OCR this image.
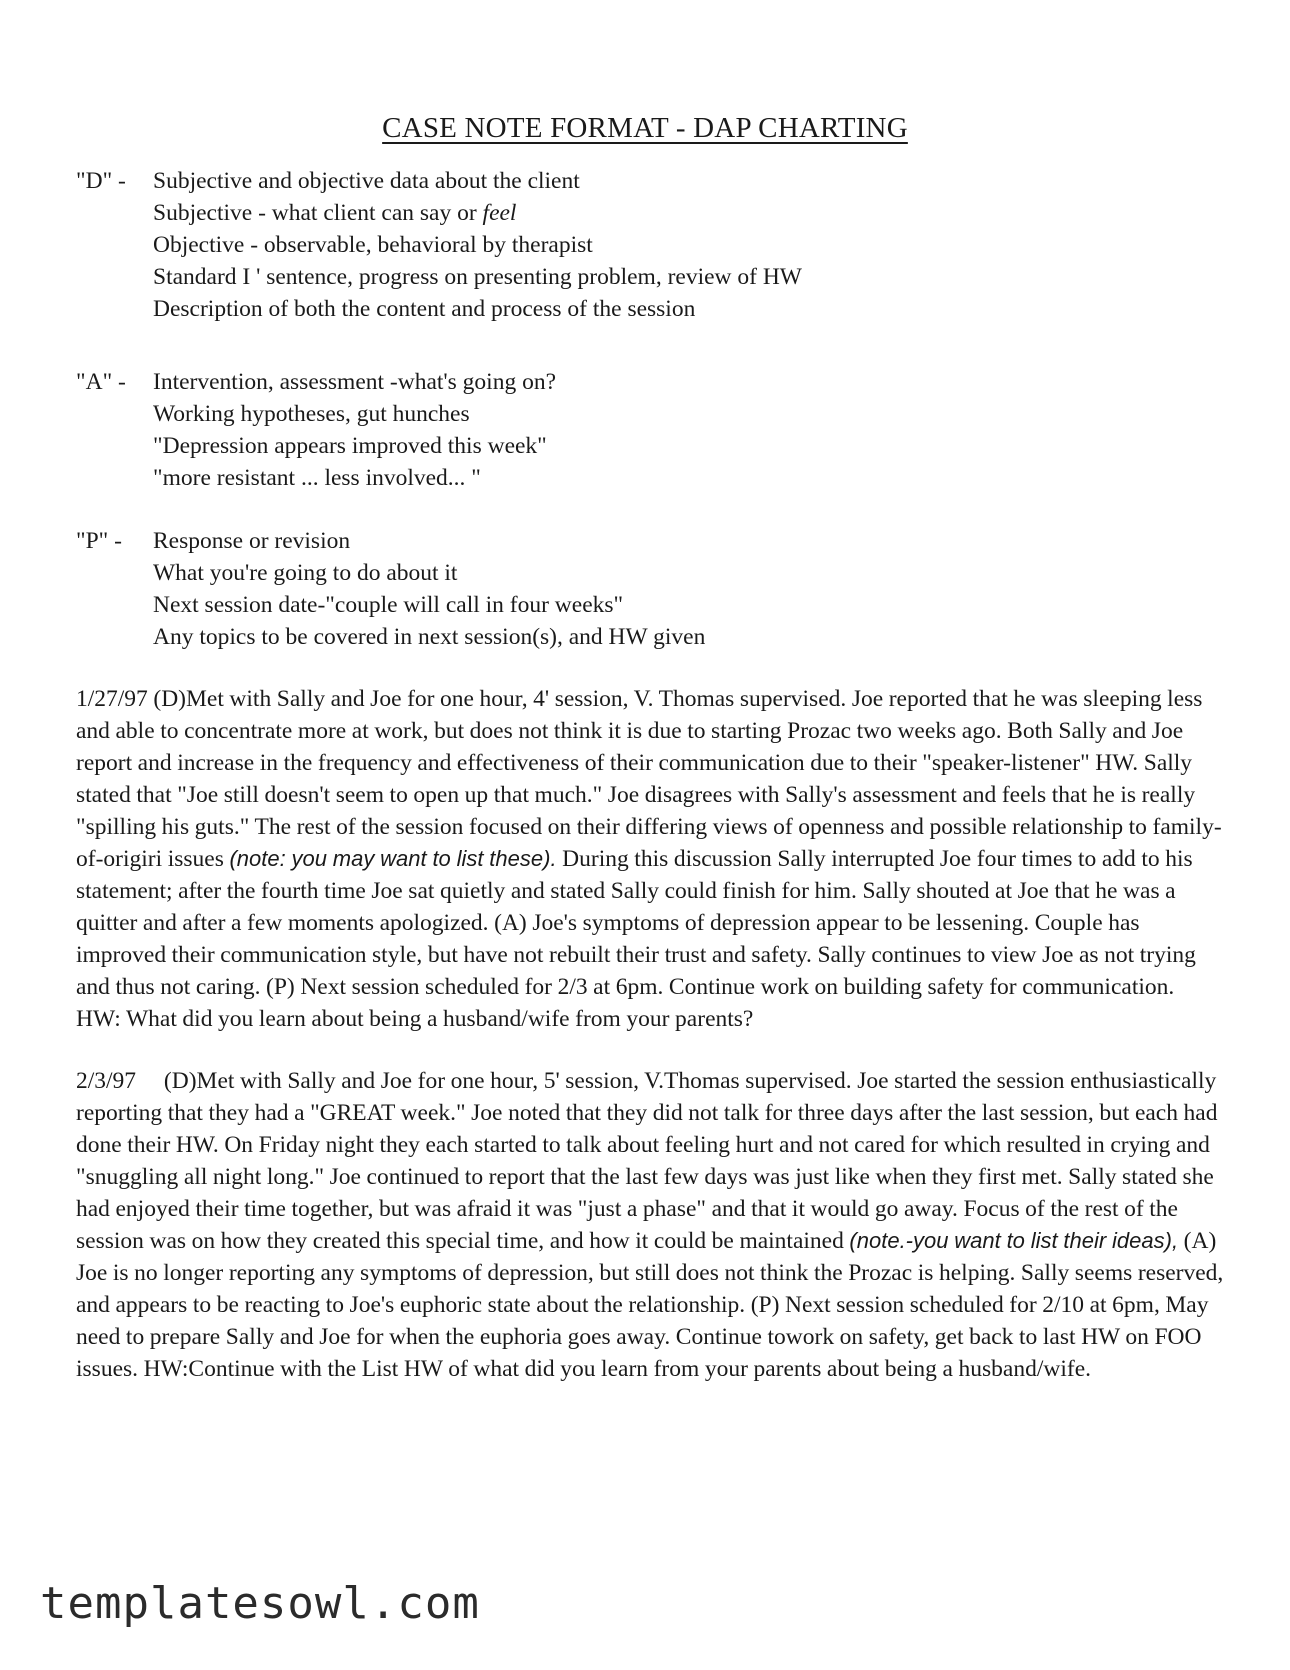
CASE NOTE FORMAT - DAP CHARTING
"D" - Subjective and objective data about the client
Subjective - what client can say or feel
Objective - observable, behavioral by therapist
Standard I ' sentence, progress on presenting problem, review of HW
Description of both the content and process of the session
"A" - Intervention, assessment -what's going on?
Working hypotheses, gut hunches
"Depression appears improved this week"
"more resistant ... less involved... "
"P" - Response or revision
What you're going to do about it
Next session date-"couple will call in four weeks"
Any topics to be covered in next session(s), and HW given

1/27/97 (D)Met with Sally and Joe for one hour, 4' session, V. Thomas supervised. Joe reported that he was sleeping less and able to concentrate more at work, but does not think it is due to starting Prozac two weeks ago. Both Sally and Joe report and increase in the frequency and effectiveness of their communication due to their "speaker-listener" HW. Sally stated that "Joe still doesn't seem to open up that much." Joe disagrees with Sally's assessment and feels that he is really "spilling his guts." The rest of the session focused on their differing views of openness and possible relationship to family-of-origiri issues (note: you may want to list these). During this discussion Sally interrupted Joe four times to add to his statement; after the fourth time Joe sat quietly and stated Sally could finish for him. Sally shouted at Joe that he was a quitter and after a few moments apologized. (A) Joe's symptoms of depression appear to be lessening. Couple has improved their communication style, but have not rebuilt their trust and safety. Sally continues to view Joe as not trying and thus not caring. (P) Next session scheduled for 2/3 at 6pm. Continue work on building safety for communication. HW: What did you learn about being a husband/wife from your parents?

2/3/97     (D)Met with Sally and Joe for one hour, 5' session, V.Thomas supervised. Joe started the session enthusiastically reporting that they had a "GREAT week." Joe noted that they did not talk for three days after the last session, but each had done their HW. On Friday night they each started to talk about feeling hurt and not cared for which resulted in crying and "snuggling all night long." Joe continued to report that the last few days was just like when they first met. Sally stated she had enjoyed their time together, but was afraid it was "just a phase" and that it would go away. Focus of the rest of the session was on how they created this special time, and how it could be maintained (note.-you want to list their ideas), (A) Joe is no longer reporting any symptoms of depression, but still does not think the Prozac is helping. Sally seems reserved, and appears to be reacting to Joe's euphoric state about the relationship. (P) Next session scheduled for 2/10 at 6pm, May need to prepare Sally and Joe for when the euphoria goes away. Continue towork on safety, get back to last HW on FOO issues. HW:Continue with the List HW of what did you learn from your parents about being a husband/wife.

templatesowl.com
